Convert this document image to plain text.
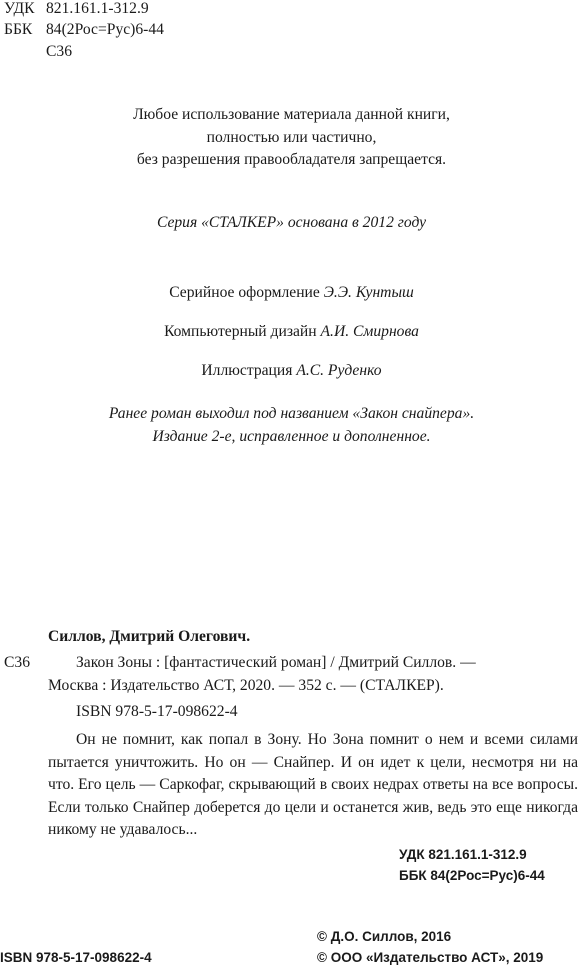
УДК 821.161.1-312.9
ББК 84(2Рос=Рус)6-44
С36
Любое использование материала данной книги,
полностью или частично,
без разрешения правообладателя запрещается.
Серия «СТАЛКЕР» основана в 2012 году
Серийное оформление Э.Э. Кунтыш
Компьютерный дизайн А.И. Смирнова
Иллюстрация А.С. Руденко
Ранее роман выходил под названием «Закон снайпера».
Издание 2-е, исправленное и дополненное.
Силлов, Дмитрий Олегович.
С36	Закон Зоны : [фантастический роман] / Дмитрий Силлов. —
Москва : Издательство АСТ, 2020. — 352 с. — (СТАЛКЕР).
ISBN 978-5-17-098622-4
Он не помнит, как попал в Зону. Но Зона помнит о нем и всеми силами пытается уничтожить. Но он — Снайпер. И он идет к цели, несмотря ни на что. Его цель — Саркофаг, скрывающий в своих недрах ответы на все вопросы. Если только Снайпер доберется до цели и останется жив, ведь это еще никогда никому не удавалось...
УДК 821.161.1-312.9
ББК 84(2Рос=Рус)6-44
ISBN 978-5-17-098622-4
© Д.О. Силлов, 2016
© ООО «Издательство АСТ», 2019
